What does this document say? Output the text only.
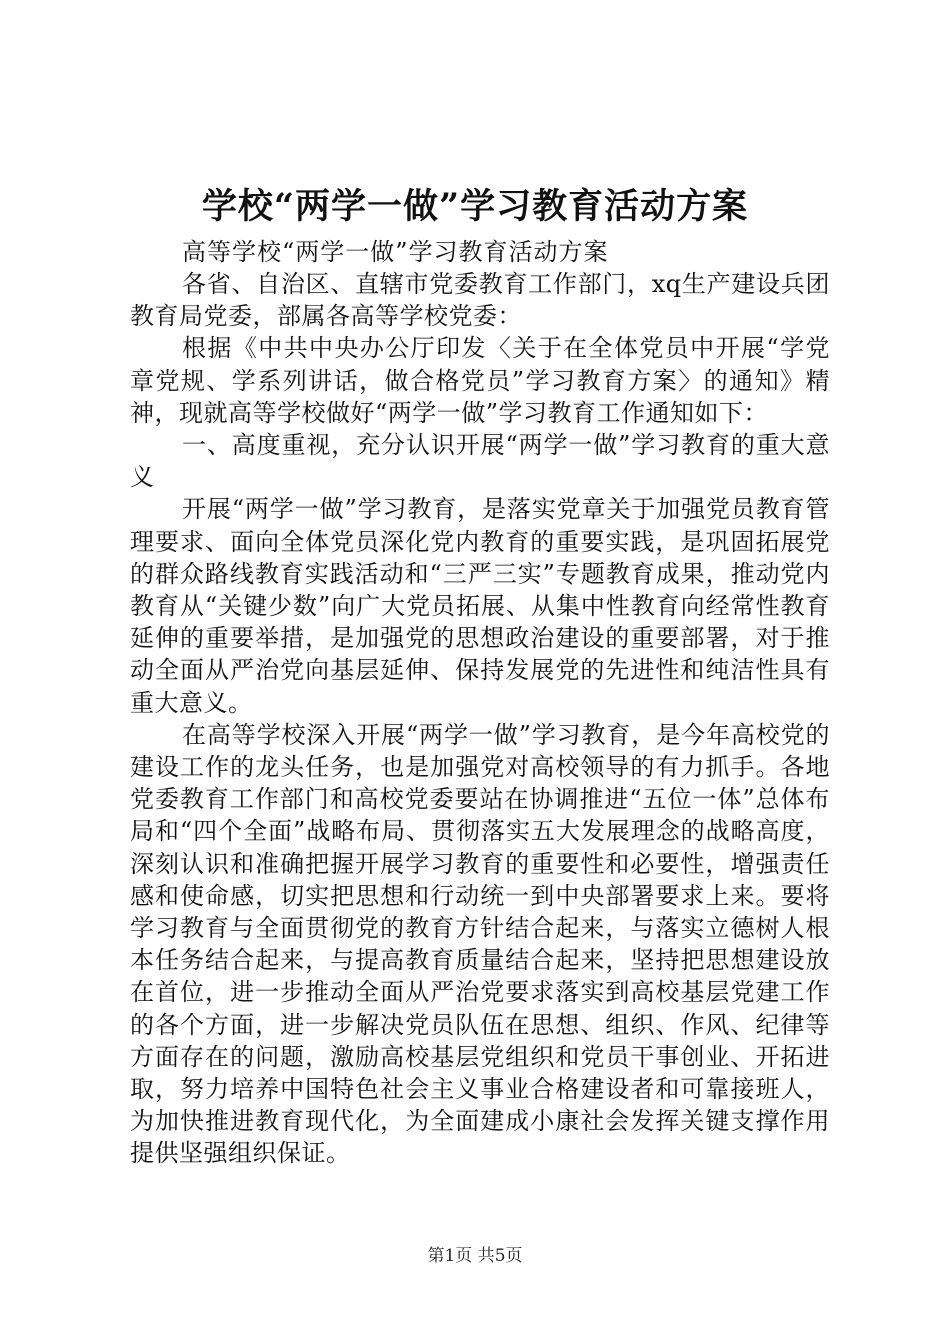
学校“两学一做”学习教育活动方案

高等学校“两学一做”学习教育活动方案

各省、自治区、直辖市党委教育工作部门，xq生产建设兵团教育局党委，部属各高等学校党委：

根据《中共中央办公厅印发〈关于在全体党员中开展“学党章党规、学系列讲话，做合格党员”学习教育方案〉的通知》精神，现就高等学校做好“两学一做”学习教育工作通知如下：

一、高度重视，充分认识开展“两学一做”学习教育的重大意义

开展“两学一做”学习教育，是落实党章关于加强党员教育管理要求、面向全体党员深化党内教育的重要实践，是巩固拓展党的群众路线教育实践活动和“三严三实”专题教育成果，推动党内教育从“关键少数”向广大党员拓展、从集中性教育向经常性教育延伸的重要举措，是加强党的思想政治建设的重要部署，对于推动全面从严治党向基层延伸、保持发展党的先进性和纯洁性具有重大意义。

在高等学校深入开展“两学一做”学习教育，是今年高校党的建设工作的龙头任务，也是加强党对高校领导的有力抓手。各地党委教育工作部门和高校党委要站在协调推进“五位一体”总体布局和“四个全面”战略布局、贯彻落实五大发展理念的战略高度，深刻认识和准确把握开展学习教育的重要性和必要性，增强责任感和使命感，切实把思想和行动统一到中央部署要求上来。要将学习教育与全面贯彻党的教育方针结合起来，与落实立德树人根本任务结合起来，与提高教育质量结合起来，坚持把思想建设放在首位，进一步推动全面从严治党要求落实到高校基层党建工作的各个方面，进一步解决党员队伍在思想、组织、作风、纪律等方面存在的问题，激励高校基层党组织和党员干事创业、开拓进取，努力培养中国特色社会主义事业合格建设者和可靠接班人，为加快推进教育现代化，为全面建成小康社会发挥关键支撑作用提供坚强组织保证。

第1页 共5页
